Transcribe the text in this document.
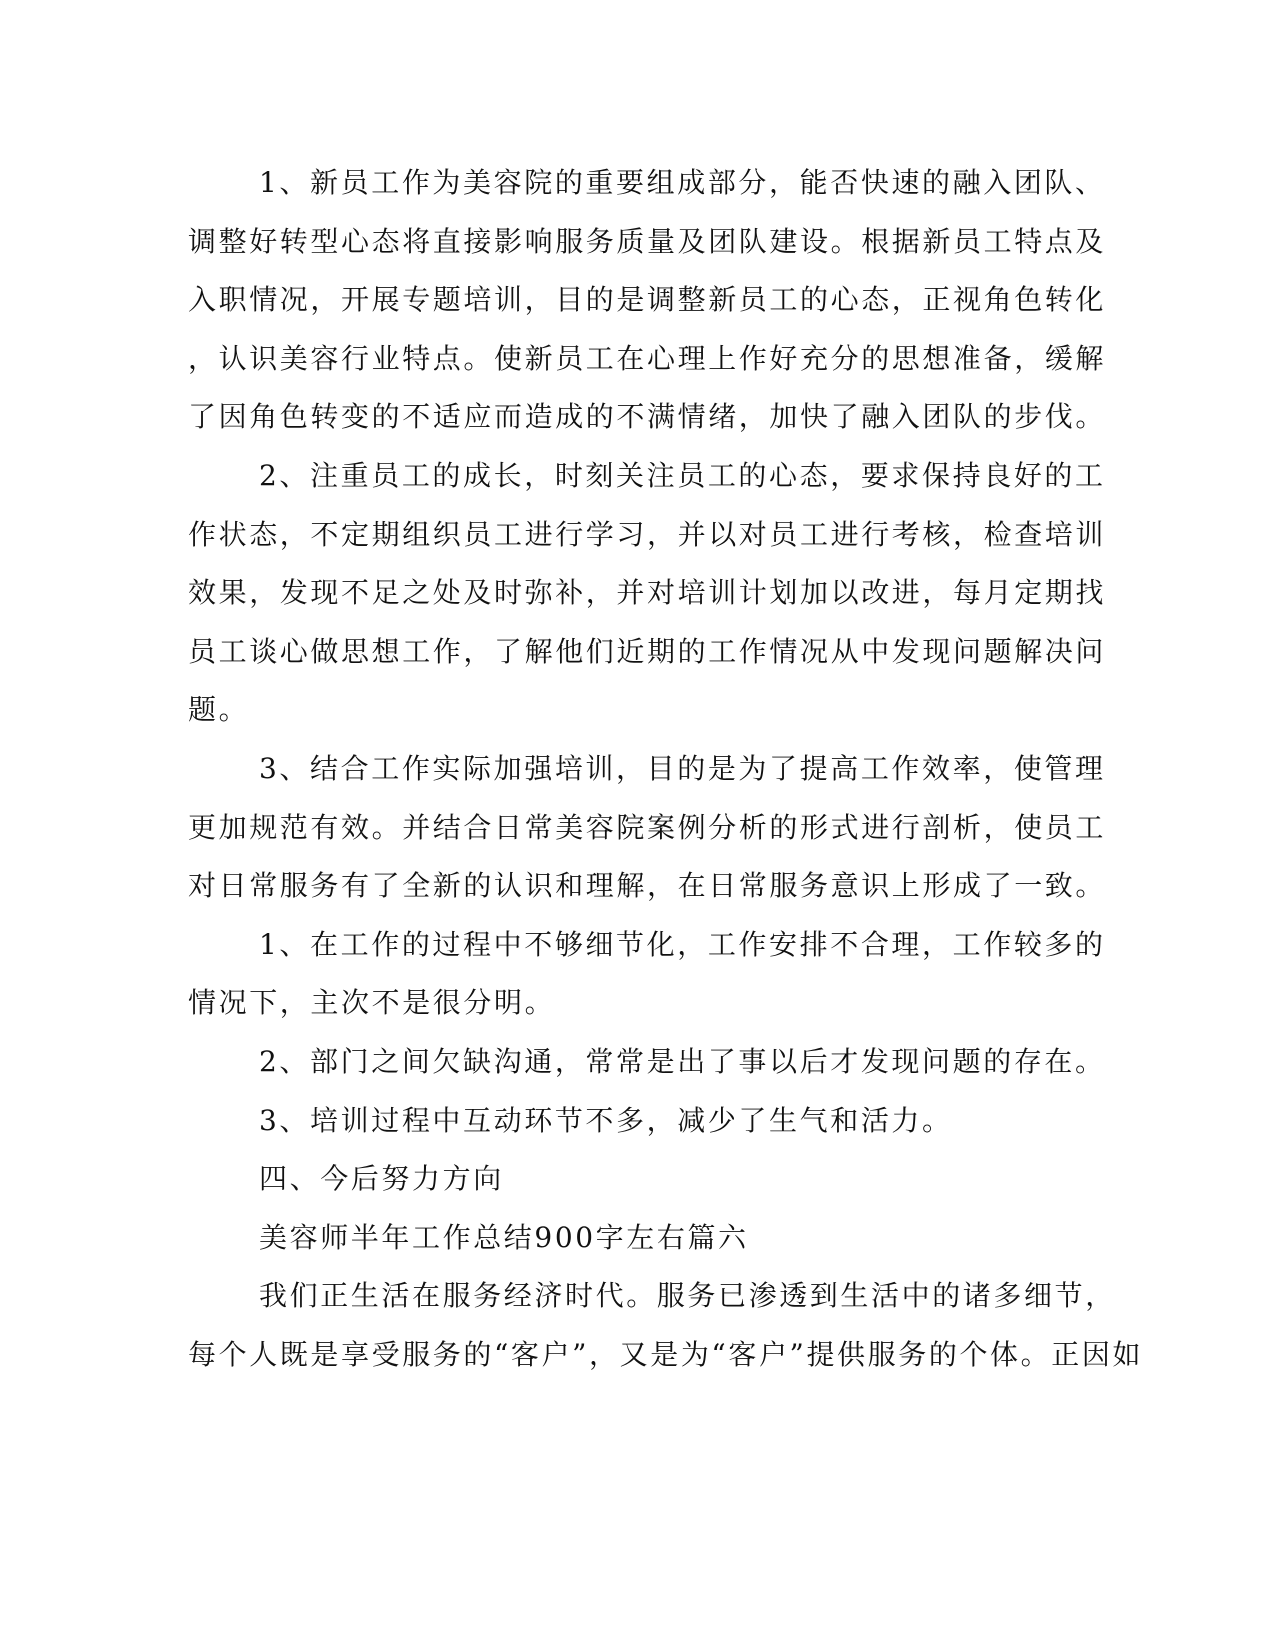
1、新员工作为美容院的重要组成部分，能否快速的融入团队、
调整好转型心态将直接影响服务质量及团队建设。根据新员工特点及
入职情况，开展专题培训，目的是调整新员工的心态，正视角色转化
，认识美容行业特点。使新员工在心理上作好充分的思想准备，缓解
了因角色转变的不适应而造成的不满情绪，加快了融入团队的步伐。
2、注重员工的成长，时刻关注员工的心态，要求保持良好的工
作状态，不定期组织员工进行学习，并以对员工进行考核，检查培训
效果，发现不足之处及时弥补，并对培训计划加以改进，每月定期找
员工谈心做思想工作，了解他们近期的工作情况从中发现问题解决问
题。
3、结合工作实际加强培训，目的是为了提高工作效率，使管理
更加规范有效。并结合日常美容院案例分析的形式进行剖析，使员工
对日常服务有了全新的认识和理解，在日常服务意识上形成了一致。
1、在工作的过程中不够细节化，工作安排不合理，工作较多的
情况下，主次不是很分明。
2、部门之间欠缺沟通，常常是出了事以后才发现问题的存在。
3、培训过程中互动环节不多，减少了生气和活力。
四、今后努力方向
美容师半年工作总结900字左右篇六
我们正生活在服务经济时代。服务已渗透到生活中的诸多细节，
每个人既是享受服务的“客户”，又是为“客户”提供服务的个体。正因如
